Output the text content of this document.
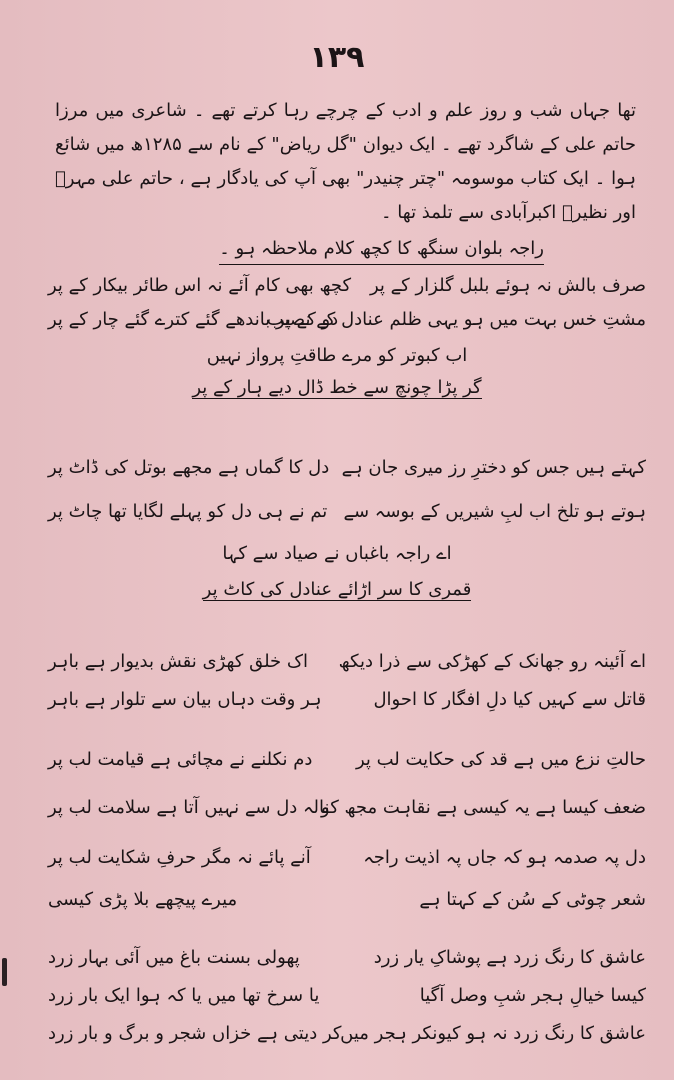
۱۳۹

تھا جہاں شب و روز علم و ادب کے چرچے رہا کرتے تھے ۔ شاعری میں مرزا حاتم علی کے شاگرد تھے ۔ ایک دیوان "گل ریاض" کے نام سے ۱۲۸۵ھ میں شائع ہوا ۔ ایک کتاب موسومہ "چتر چنیدر" بھی آپ کی یادگار ہے ، حاتم علی مہرؔ اور نظیرؔ اکبرآبادی سے تلمذ تھا ۔

راجہ بلوان سنگھ کا کچھ کلام ملاحظہ ہو ۔
صرف بالش نہ ہوئے بلبل گلزار کے پر
کچھ بھی کام آئے نہ اس طائر بیکار کے پر
مشتِ خس بہت میں ہو یہی ظلم عنادل کے نصیب
دو کے پر باندھے گئے کترے گئے چار کے پر
اب کبوتر کو مرے طاقتِ پرواز نہیں
گر پڑا چونچ سے خط ڈال دیے ہار کے پر
کہتے ہیں جس کو دخترِ رز میری جان ہے
دل کا گماں ہے مجھے بوتل کی ڈاٹ پر
ہوتے ہو تلخ اب لبِ شیریں کے بوسہ سے
تم نے ہی دل کو پہلے لگایا تھا چاٹ پر
اے راجہ باغباں نے صیاد سے کہا
قمری کا سر اڑائے عنادل کی کاٹ پر
اے آئینہ رو جھانک کے کھڑکی سے ذرا دیکھ
اک خلق کھڑی نقش بدیوار ہے باہر
قاتل سے کہیں کیا دلِ افگار کا احوال
ہر وقت دہاں بیان سے تلوار ہے باہر
حالتِ نزع میں ہے قد کی حکایت لب پر
دم نکلنے نے مچائی ہے قیامت لب پر
ضعف کیسا ہے یہ کیسی ہے نقاہت مجھ کو
نالہ دل سے نہیں آتا ہے سلامت لب پر
دل پہ صدمہ ہو کہ جاں پہ اذیت راجہ
آنے پائے نہ مگر حرفِ شکایت لب پر
شعر چوٹی کے سُن کے کہتا ہے
میرے پیچھے بلا پڑی کیسی
عاشق کا رنگ زرد ہے پوشاکِ یار زرد
پھولی بسنت باغ میں آئی بہار زرد
کیسا خیالِ ہجر شبِ وصل آگیا
یا سرخ تھا میں یا کہ ہوا ایک بار زرد
عاشق کا رنگ زرد نہ ہو کیونکر ہجر میں
کر دیتی ہے خزاں شجر و برگ و بار زرد
